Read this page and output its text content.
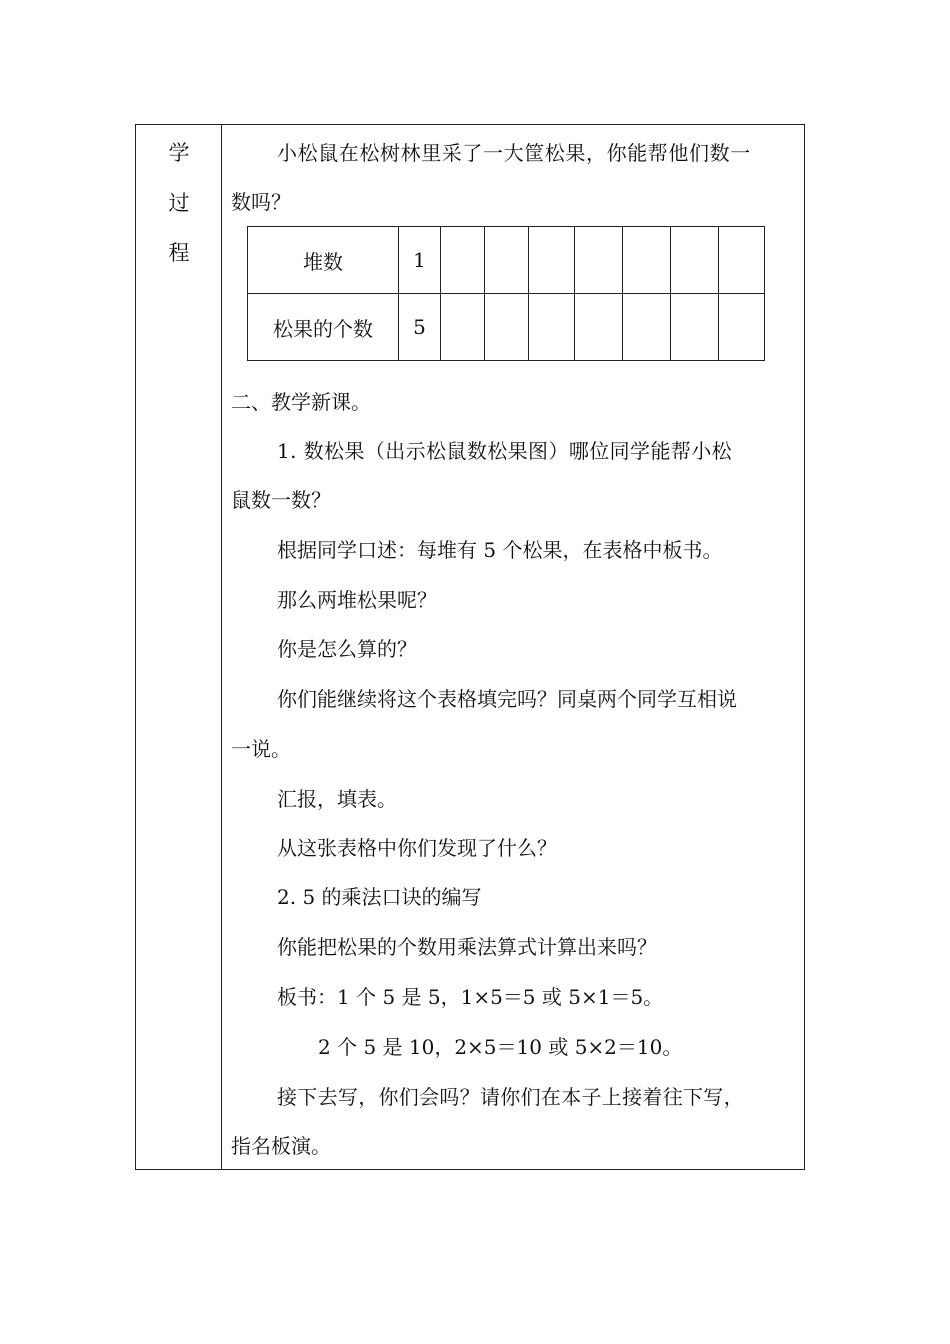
学
过
程
小松鼠在松树林里采了一大筐松果，你能帮他们数一
数吗？
堆数	1							
松果的个数	5							
二、教学新课。
1. 数松果（出示松鼠数松果图）哪位同学能帮小松
鼠数一数？
根据同学口述：每堆有 5 个松果，在表格中板书。
那么两堆松果呢？
你是怎么算的？
你们能继续将这个表格填完吗？同桌两个同学互相说
一说。
汇报，填表。
从这张表格中你们发现了什么？
2. 5 的乘法口诀的编写
你能把松果的个数用乘法算式计算出来吗？
板书：1 个 5 是 5，1×5＝5 或 5×1＝5。
2 个 5 是 10，2×5＝10 或 5×2＝10。
接下去写，你们会吗？请你们在本子上接着往下写，
指名板演。
